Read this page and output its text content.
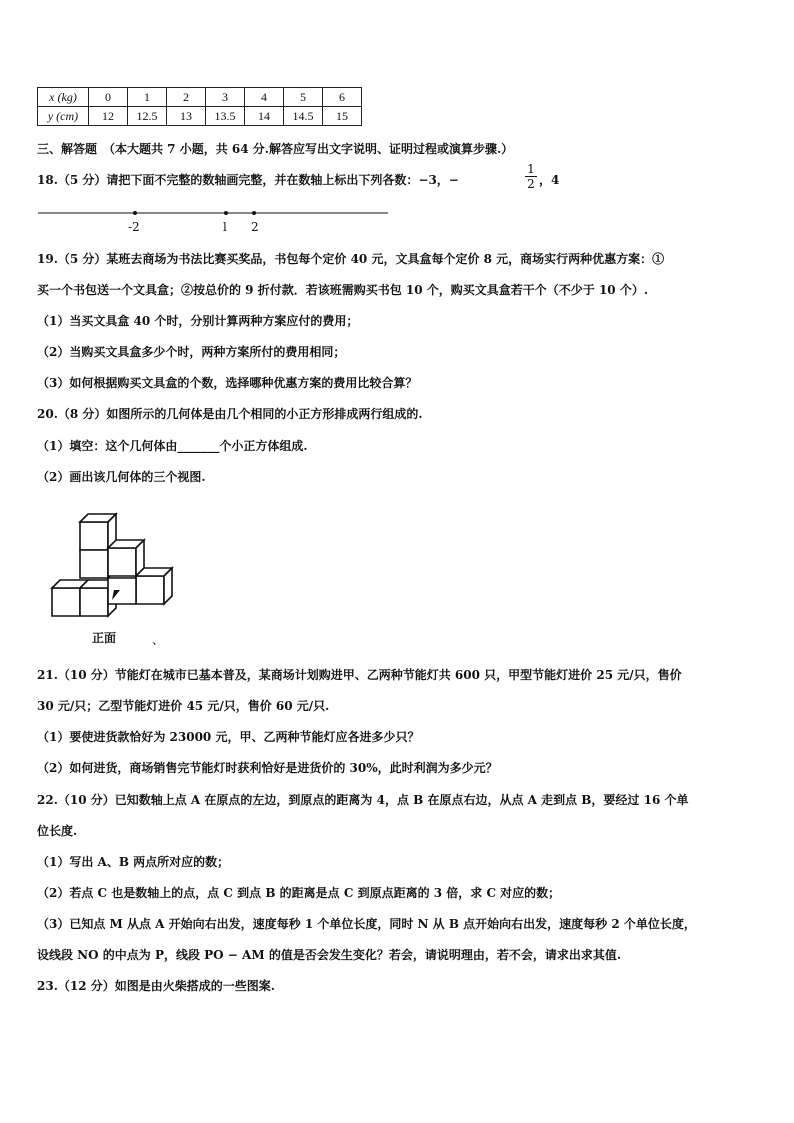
x (kg)	0	1	2	3	4	5	6
y (cm)	12	12.5	13	13.5	14	14.5	15
三、解答题　（本大题共 7 小题，共 64 分.解答应写出文字说明、证明过程或演算步骤.）
18.（5 分）请把下面不完整的数轴画完整，并在数轴上标出下列各数：−3，−	$\frac{1}{2}$ ，4
-2	l 2
19.（5 分）某班去商场为书法比赛买奖品，书包每个定价 40 元，文具盒每个定价 8 元，商场实行两种优惠方案：①
买一个书包送一个文具盒；②按总价的 9 折付款．若该班需购买书包 10 个，购买文具盒若干个（不少于 10 个）.
（1）当买文具盒 40 个时，分别计算两种方案应付的费用；
（2）当购买文具盒多少个时，两种方案所付的费用相同；
（3）如何根据购买文具盒的个数，选择哪种优惠方案的费用比较合算？
20.（8 分）如图所示的几何体是由几个相同的小正方形排成两行组成的.
（1）填空：这个几何体由_______个小正方体组成.
（2）画出该几何体的三个视图.
正面	、
21.（10 分）节能灯在城市已基本普及，某商场计划购进甲、乙两种节能灯共 600 只，甲型节能灯进价 25 元/只，售价
30 元/只；乙型节能灯进价 45 元/只，售价 60 元/只.
（1）要使进货款恰好为 23000 元，甲、乙两种节能灯应各进多少只？
（2）如何进货，商场销售完节能灯时获利恰好是进货价的 30%，此时利润为多少元？
22.（10 分）已知数轴上点 A 在原点的左边，到原点的距离为 4，点 B 在原点右边，从点 A 走到点 B，要经过 16 个单
位长度.
（1）写出 A、B 两点所对应的数；
（2）若点 C 也是数轴上的点，点 C 到点 B 的距离是点 C 到原点距离的 3 倍，求 C 对应的数；
（3）已知点 M 从点 A 开始向右出发，速度每秒 1 个单位长度，同时 N 从 B 点开始向右出发，速度每秒 2 个单位长度，
设线段 NO 的中点为 P，线段 PO − AM 的值是否会发生变化？若会，请说明理由，若不会，请求出求其值.
23.（12 分）如图是由火柴搭成的一些图案.
